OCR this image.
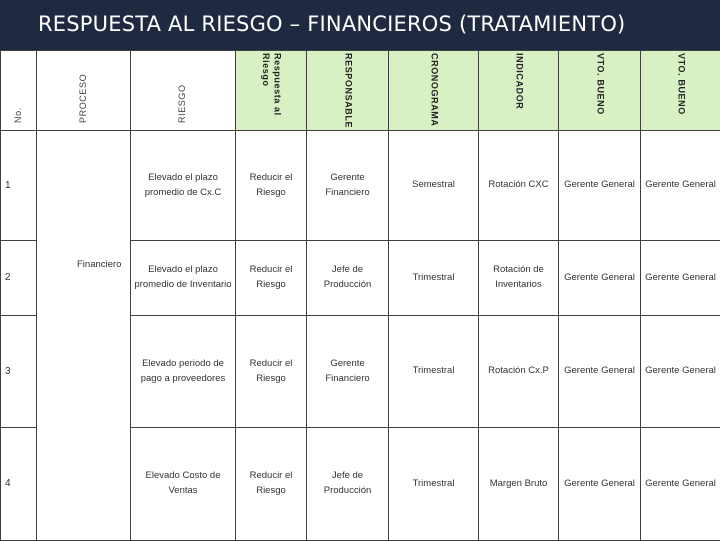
RESPUESTA AL RIESGO – FINANCIEROS (TRATAMIENTO)
No.	PROCESO	RIESGO	Respuesta al Riesgo	RESPONSABLE	CRONOGRAMA	INDICADOR	VTO. BUENO	VTO. BUENO
1	Financiero	Elevado el plazo promedio de Cx.C	Reducir el Riesgo	Gerente Financiero	Semestral	Rotación CXC	Gerente General	Gerente General
2		Elevado el plazo promedio de Inventario	Reducir el Riesgo	Jefe de Producción	Trimestral	Rotación de Inventarios	Gerente General	Gerente General
3		Elevado periodo de pago a proveedores	Reducir el Riesgo	Gerente Financiero	Trimestral	Rotación Cx.P	Gerente General	Gerente General
4		Elevado Costo de Ventas	Reducir el Riesgo	Jefe de Producción	Trimestral	Margen Bruto	Gerente General	Gerente General
